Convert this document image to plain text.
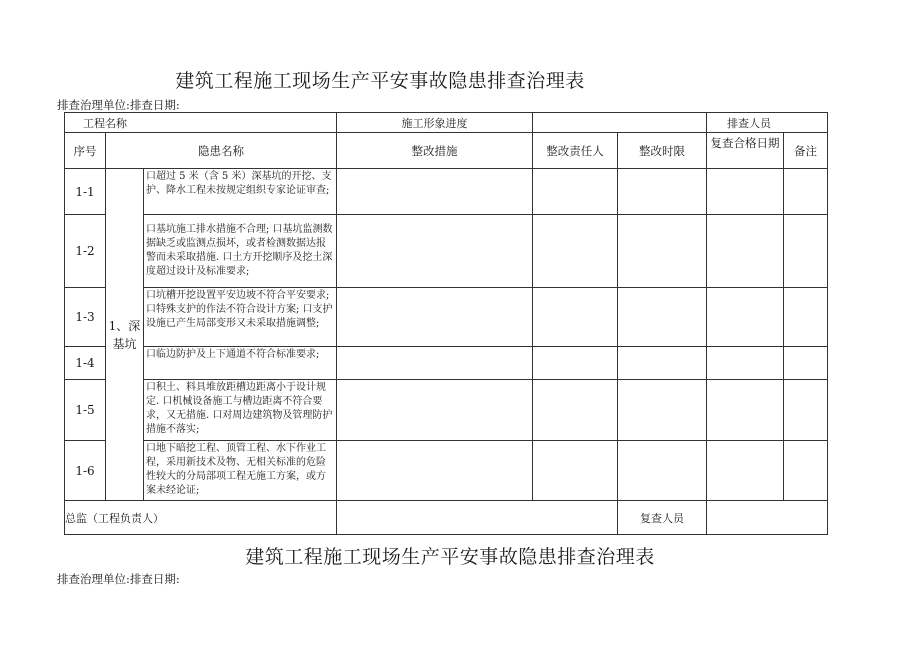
建筑工程施工现场生产平安事故隐患排查治理表
排查治理单位:排查日期:
工程名称			施工形象进度			排查人员	
序号	隐患名称		整改措施	整改责任人	整改时限	复查合格日期	备注
1-1	1、深基坑	口超过 5 米（含 5 米）深基坑的开挖、支护、降水工程未按规定组织专家论证审查;					
1-2		口基坑施工排水措施不合理; 口基坑监测数据缺乏或监测点损坏，或者检测数据达报警而未采取措施. 口土方开挖顺序及挖土深度超过设计及标准要求;					
1-3		口坑槽开挖设置平安边坡不符合平安要求; 口特殊支护的作法不符合设计方案; 口支护设施已产生局部变形又未采取措施调整;					
1-4		口临边防护及上下通道不符合标准要求;					
1-5		口积土、料具堆放距槽边距离小于设计规定. 口机械设备施工与槽边距离不符合要求，又无措施. 口对周边建筑物及管理防护措施不落实;					
1-6		口地下暗挖工程、顶管工程、水下作业工程，采用新技术及物、无相关标准的危险性较大的分局部项工程无施工方案，或方案未经论证;					
总监（工程负责人）					复查人员		
建筑工程施工现场生产平安事故隐患排查治理表
排查治理单位:排查日期:
